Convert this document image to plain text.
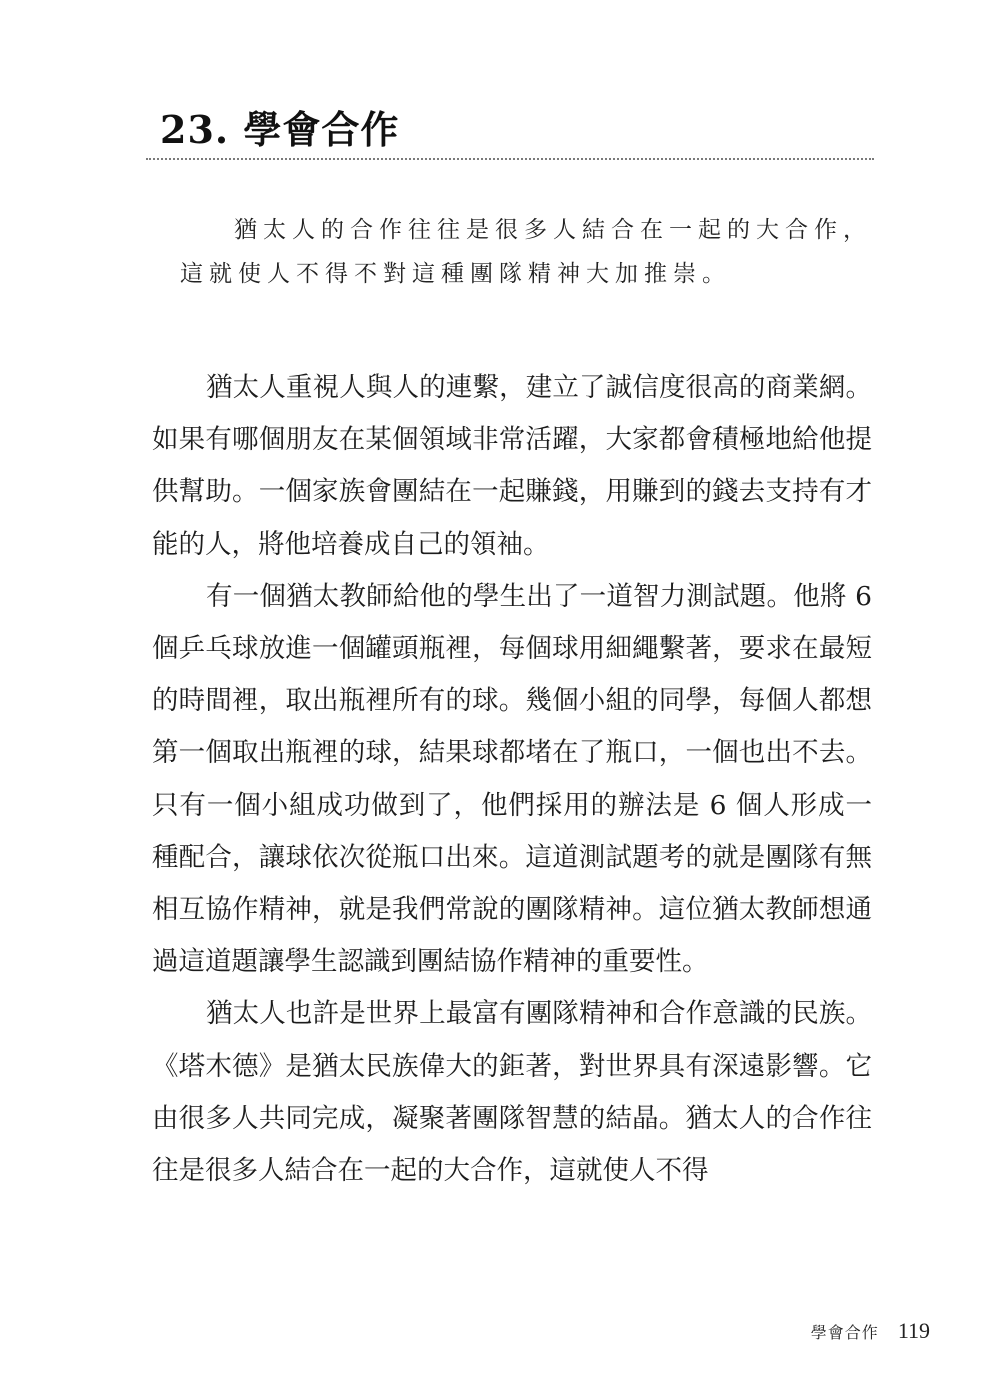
23. 學會合作

猶太人的合作往往是很多人結合在一起的大合作，

這就使人不得不對這種團隊精神大加推崇。

猶太人重視人與人的連繫，建立了誠信度很高的商業網。如果有哪個朋友在某個領域非常活躍，大家都會積極地給他提供幫助。一個家族會團結在一起賺錢，用賺到的錢去支持有才能的人，將他培養成自己的領袖。

有一個猶太教師給他的學生出了一道智力測試題。他將 6 個乒乓球放進一個罐頭瓶裡，每個球用細繩繫著，要求在最短的時間裡，取出瓶裡所有的球。幾個小組的同學，每個人都想第一個取出瓶裡的球，結果球都堵在了瓶口，一個也出不去。只有一個小組成功做到了，他們採用的辦法是 6 個人形成一種配合，讓球依次從瓶口出來。這道測試題考的就是團隊有無相互協作精神，就是我們常說的團隊精神。這位猶太教師想通過這道題讓學生認識到團結協作精神的重要性。

猶太人也許是世界上最富有團隊精神和合作意識的民族。《塔木德》是猶太民族偉大的鉅著，對世界具有深遠影響。它由很多人共同完成，凝聚著團隊智慧的結晶。猶太人的合作往往是很多人結合在一起的大合作，這就使人不得

學會合作 119
